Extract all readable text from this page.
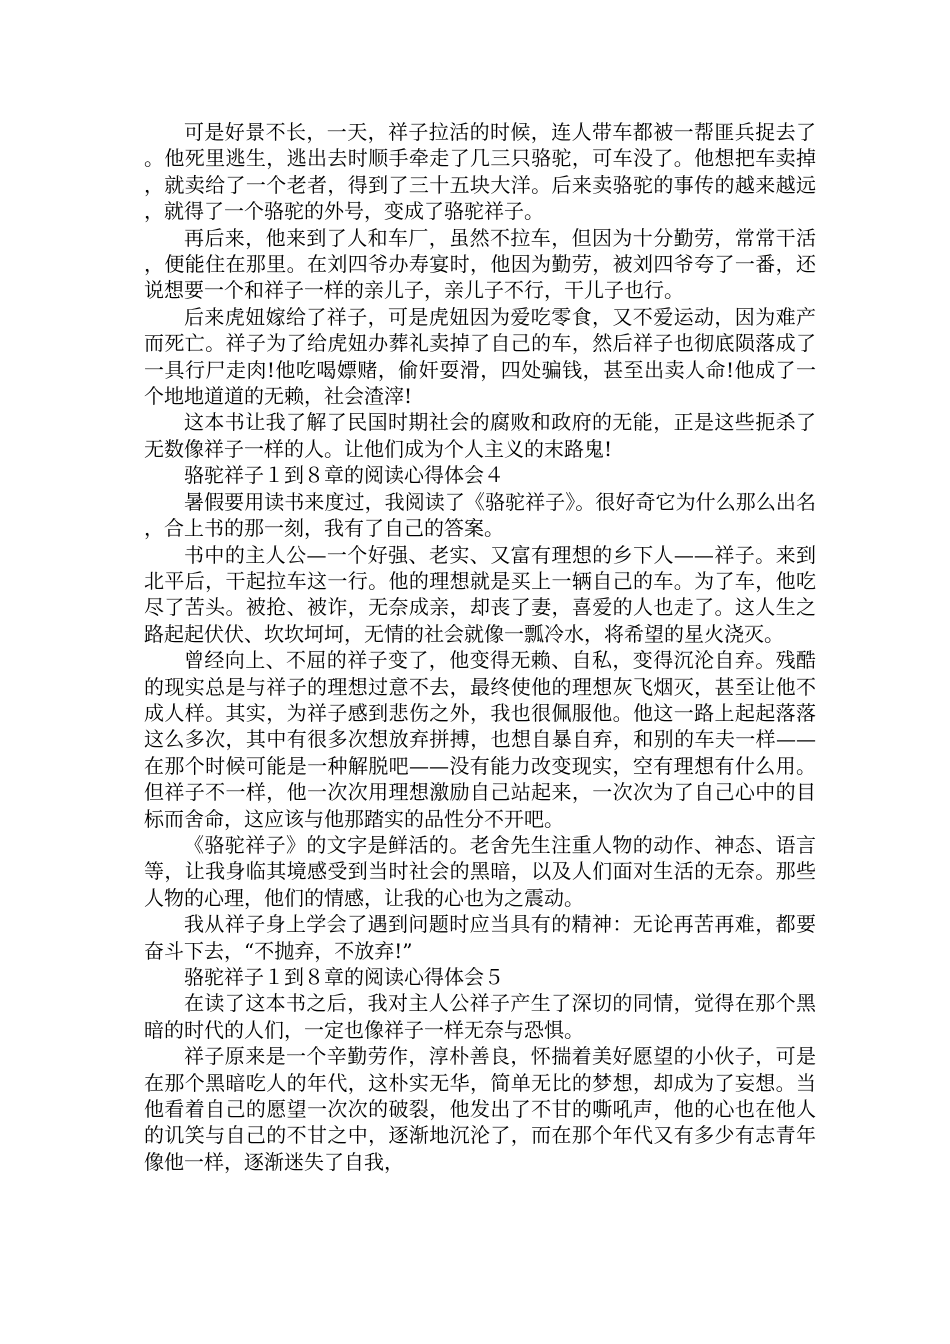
可是好景不长，一天，祥子拉活的时候，连人带车都被一帮匪兵捉去了。他死里逃生，逃出去时顺手牵走了几三只骆驼，可车没了。他想把车卖掉，就卖给了一个老者，得到了三十五块大洋。后来卖骆驼的事传的越来越远，就得了一个骆驼的外号，变成了骆驼祥子。

再后来，他来到了人和车厂，虽然不拉车，但因为十分勤劳，常常干活，便能住在那里。在刘四爷办寿宴时，他因为勤劳，被刘四爷夸了一番，还说想要一个和祥子一样的亲儿子，亲儿子不行，干儿子也行。

后来虎妞嫁给了祥子，可是虎妞因为爱吃零食，又不爱运动，因为难产而死亡。祥子为了给虎妞办葬礼卖掉了自己的车，然后祥子也彻底陨落成了一具行尸走肉!他吃喝嫖赌，偷奸耍滑，四处骗钱，甚至出卖人命!他成了一个地地道道的无赖，社会渣滓!

这本书让我了解了民国时期社会的腐败和政府的无能，正是这些扼杀了无数像祥子一样的人。让他们成为个人主义的末路鬼!

骆驼祥子１到８章的阅读心得体会４

暑假要用读书来度过，我阅读了《骆驼祥子》。很好奇它为什么那么出名，合上书的那一刻，我有了自己的答案。

书中的主人公—一个好强、老实、又富有理想的乡下人——祥子。来到北平后，干起拉车这一行。他的理想就是买上一辆自己的车。为了车，他吃尽了苦头。被抢、被诈，无奈成亲，却丧了妻，喜爱的人也走了。这人生之路起起伏伏、坎坎坷坷，无情的社会就像一瓢冷水，将希望的星火浇灭。

曾经向上、不屈的祥子变了，他变得无赖、自私，变得沉沦自弃。残酷的现实总是与祥子的理想过意不去，最终使他的理想灰飞烟灭，甚至让他不成人样。其实，为祥子感到悲伤之外，我也很佩服他。他这一路上起起落落这么多次，其中有很多次想放弃拼搏，也想自暴自弃，和别的车夫一样——在那个时候可能是一种解脱吧——没有能力改变现实，空有理想有什么用。但祥子不一样，他一次次用理想激励自己站起来，一次次为了自己心中的目标而舍命，这应该与他那踏实的品性分不开吧。

《骆驼祥子》的文字是鲜活的。老舍先生注重人物的动作、神态、语言等，让我身临其境感受到当时社会的黑暗，以及人们面对生活的无奈。那些人物的心理，他们的情感，让我的心也为之震动。

我从祥子身上学会了遇到问题时应当具有的精神：无论再苦再难，都要奋斗下去，“不抛弃，不放弃!”

骆驼祥子１到８章的阅读心得体会５

在读了这本书之后，我对主人公祥子产生了深切的同情，觉得在那个黑暗的时代的人们，一定也像祥子一样无奈与恐惧。

祥子原来是一个辛勤劳作，淳朴善良，怀揣着美好愿望的小伙子，可是在那个黑暗吃人的年代，这朴实无华，简单无比的梦想，却成为了妄想。当他看着自己的愿望一次次的破裂，他发出了不甘的嘶吼声，他的心也在他人的讥笑与自己的不甘之中，逐渐地沉沦了，而在那个年代又有多少有志青年像他一样，逐渐迷失了自我，
